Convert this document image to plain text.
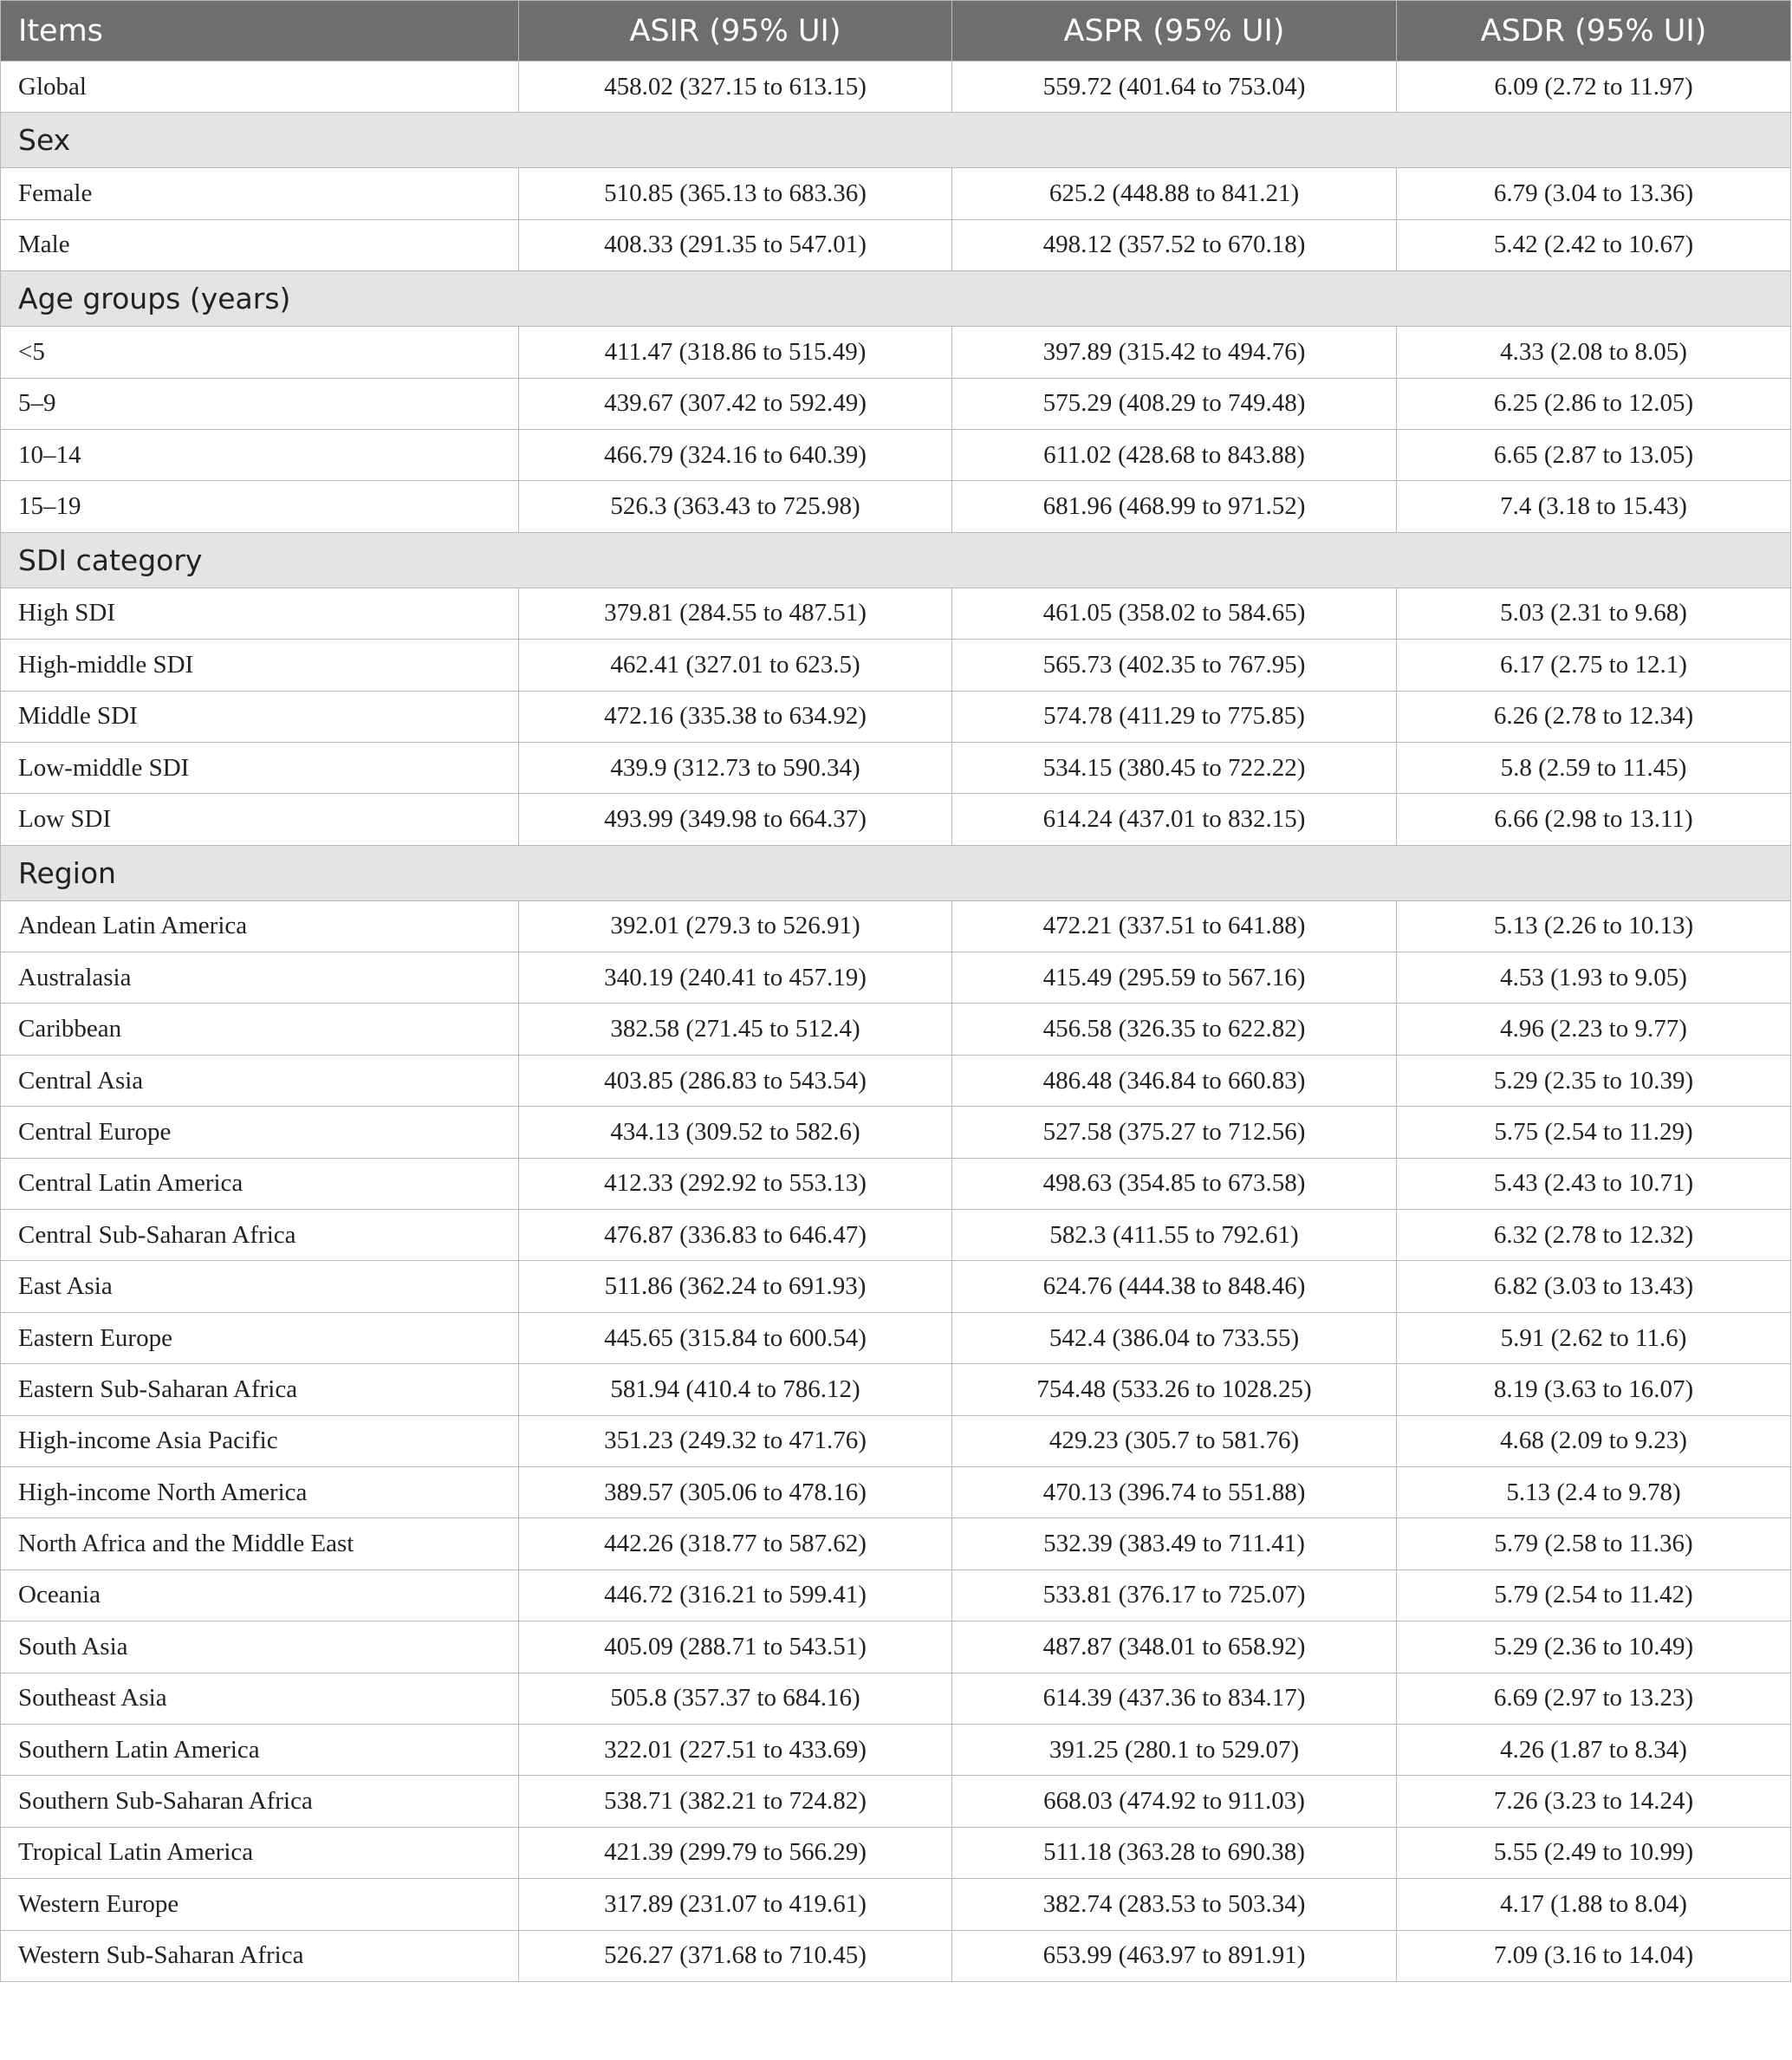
Items	ASIR (95% UI)	ASPR (95% UI)	ASDR (95% UI)
Global	458.02 (327.15 to 613.15)	559.72 (401.64 to 753.04)	6.09 (2.72 to 11.97)
Sex			
Female	510.85 (365.13 to 683.36)	625.2 (448.88 to 841.21)	6.79 (3.04 to 13.36)
Male	408.33 (291.35 to 547.01)	498.12 (357.52 to 670.18)	5.42 (2.42 to 10.67)
Age groups (years)			
<5	411.47 (318.86 to 515.49)	397.89 (315.42 to 494.76)	4.33 (2.08 to 8.05)
5–9	439.67 (307.42 to 592.49)	575.29 (408.29 to 749.48)	6.25 (2.86 to 12.05)
10–14	466.79 (324.16 to 640.39)	611.02 (428.68 to 843.88)	6.65 (2.87 to 13.05)
15–19	526.3 (363.43 to 725.98)	681.96 (468.99 to 971.52)	7.4 (3.18 to 15.43)
SDI category			
High SDI	379.81 (284.55 to 487.51)	461.05 (358.02 to 584.65)	5.03 (2.31 to 9.68)
High-middle SDI	462.41 (327.01 to 623.5)	565.73 (402.35 to 767.95)	6.17 (2.75 to 12.1)
Middle SDI	472.16 (335.38 to 634.92)	574.78 (411.29 to 775.85)	6.26 (2.78 to 12.34)
Low-middle SDI	439.9 (312.73 to 590.34)	534.15 (380.45 to 722.22)	5.8 (2.59 to 11.45)
Low SDI	493.99 (349.98 to 664.37)	614.24 (437.01 to 832.15)	6.66 (2.98 to 13.11)
Region			
Andean Latin America	392.01 (279.3 to 526.91)	472.21 (337.51 to 641.88)	5.13 (2.26 to 10.13)
Australasia	340.19 (240.41 to 457.19)	415.49 (295.59 to 567.16)	4.53 (1.93 to 9.05)
Caribbean	382.58 (271.45 to 512.4)	456.58 (326.35 to 622.82)	4.96 (2.23 to 9.77)
Central Asia	403.85 (286.83 to 543.54)	486.48 (346.84 to 660.83)	5.29 (2.35 to 10.39)
Central Europe	434.13 (309.52 to 582.6)	527.58 (375.27 to 712.56)	5.75 (2.54 to 11.29)
Central Latin America	412.33 (292.92 to 553.13)	498.63 (354.85 to 673.58)	5.43 (2.43 to 10.71)
Central Sub-Saharan Africa	476.87 (336.83 to 646.47)	582.3 (411.55 to 792.61)	6.32 (2.78 to 12.32)
East Asia	511.86 (362.24 to 691.93)	624.76 (444.38 to 848.46)	6.82 (3.03 to 13.43)
Eastern Europe	445.65 (315.84 to 600.54)	542.4 (386.04 to 733.55)	5.91 (2.62 to 11.6)
Eastern Sub-Saharan Africa	581.94 (410.4 to 786.12)	754.48 (533.26 to 1028.25)	8.19 (3.63 to 16.07)
High-income Asia Pacific	351.23 (249.32 to 471.76)	429.23 (305.7 to 581.76)	4.68 (2.09 to 9.23)
High-income North America	389.57 (305.06 to 478.16)	470.13 (396.74 to 551.88)	5.13 (2.4 to 9.78)
North Africa and the Middle East	442.26 (318.77 to 587.62)	532.39 (383.49 to 711.41)	5.79 (2.58 to 11.36)
Oceania	446.72 (316.21 to 599.41)	533.81 (376.17 to 725.07)	5.79 (2.54 to 11.42)
South Asia	405.09 (288.71 to 543.51)	487.87 (348.01 to 658.92)	5.29 (2.36 to 10.49)
Southeast Asia	505.8 (357.37 to 684.16)	614.39 (437.36 to 834.17)	6.69 (2.97 to 13.23)
Southern Latin America	322.01 (227.51 to 433.69)	391.25 (280.1 to 529.07)	4.26 (1.87 to 8.34)
Southern Sub-Saharan Africa	538.71 (382.21 to 724.82)	668.03 (474.92 to 911.03)	7.26 (3.23 to 14.24)
Tropical Latin America	421.39 (299.79 to 566.29)	511.18 (363.28 to 690.38)	5.55 (2.49 to 10.99)
Western Europe	317.89 (231.07 to 419.61)	382.74 (283.53 to 503.34)	4.17 (1.88 to 8.04)
Western Sub-Saharan Africa	526.27 (371.68 to 710.45)	653.99 (463.97 to 891.91)	7.09 (3.16 to 14.04)
